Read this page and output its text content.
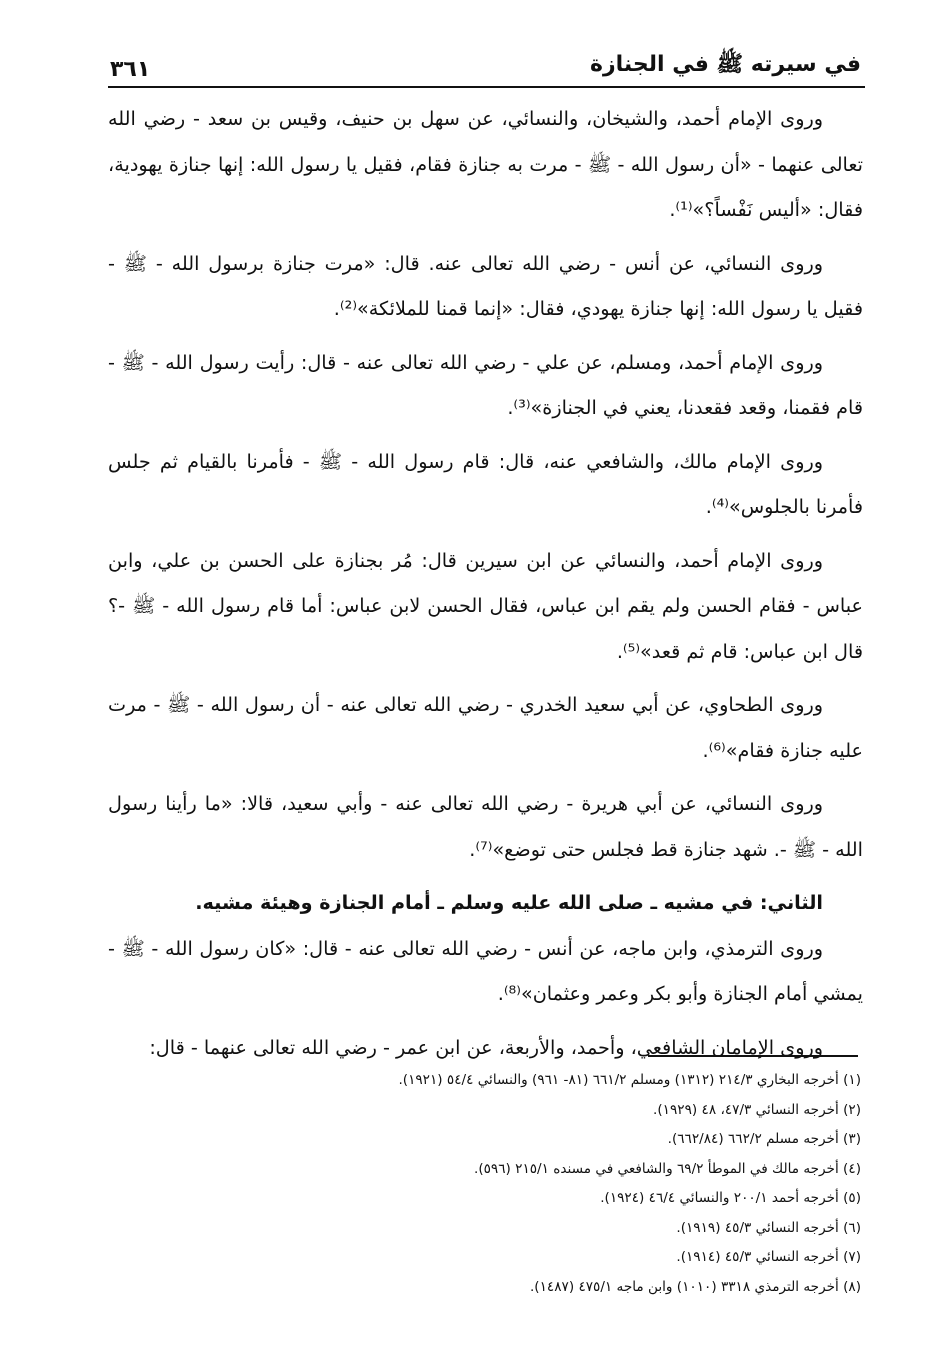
في سيرته ﷺ في الجنازة
٣٦١

وروى الإمام أحمد، والشيخان، والنسائي، عن سهل بن حنيف، وقيس بن سعد - رضي الله تعالى عنهما - «أن رسول الله - ﷺ - مرت به جنازة فقام، فقيل يا رسول الله: إنها جنازة يهودية، فقال: «أليس نَفْساً؟»⁽¹⁾.

وروى النسائي، عن أنس - رضي الله تعالى عنه. قال: «مرت جنازة برسول الله - ﷺ - فقيل يا رسول الله: إنها جنازة يهودي، فقال: «إنما قمنا للملائكة»⁽²⁾.

وروى الإمام أحمد، ومسلم، عن علي - رضي الله تعالى عنه - قال: رأيت رسول الله - ﷺ - قام فقمنا، وقعد فقعدنا، يعني في الجنازة»⁽³⁾.

وروى الإمام مالك، والشافعي عنه، قال: قام رسول الله - ﷺ - فأمرنا بالقيام ثم جلس فأمرنا بالجلوس»⁽⁴⁾.

وروى الإمام أحمد، والنسائي عن ابن سيرين قال: مُر بجنازة على الحسن بن علي، وابن عباس - فقام الحسن ولم يقم ابن عباس، فقال الحسن لابن عباس: أما قام رسول الله - ﷺ -؟ قال ابن عباس: قام ثم قعد»⁽⁵⁾.

وروى الطحاوي، عن أبي سعيد الخدري - رضي الله تعالى عنه - أن رسول الله - ﷺ - مرت عليه جنازة فقام»⁽⁶⁾.

وروى النسائي، عن أبي هريرة - رضي الله تعالى عنه - وأبي سعيد، قالا: «ما رأينا رسول الله - ﷺ -. شهد جنازة قط فجلس حتى توضع»⁽⁷⁾.

الثاني: في مشيه ـ صلى الله عليه وسلم ـ أمام الجنازة وهيئة مشيه.

وروى الترمذي، وابن ماجه، عن أنس - رضي الله تعالى عنه - قال: «كان رسول الله - ﷺ - يمشي أمام الجنازة وأبو بكر وعمر وعثمان»⁽⁸⁾.

وروى الإمامان الشافعي، وأحمد، والأربعة، عن ابن عمر - رضي الله تعالى عنهما - قال:

(١) أخرجه البخاري ٢١٤/٣ (١٣١٢) ومسلم ٦٦١/٢ (٨١- ٩٦١) والنسائي ٥٤/٤ (١٩٢١).

(٢) أخرجه النسائي ٤٧/٣، ٤٨ (١٩٢٩).

(٣) أخرجه مسلم ٦٦٢/٢ (٦٦٢/٨٤).

(٤) أخرجه مالك في الموطأ ٦٩/٢ والشافعي في مسنده ٢١٥/١ (٥٩٦).

(٥) أخرجه أحمد ٢٠٠/١ والنسائي ٤٦/٤ (١٩٢٤).

(٦) أخرجه النسائي ٤٥/٣ (١٩١٩).

(٧) أخرجه النسائي ٤٥/٣ (١٩١٤).

(٨) أخرجه الترمذي ٣٣١٨ (١٠١٠) وابن ماجه ٤٧٥/١ (١٤٨٧).
